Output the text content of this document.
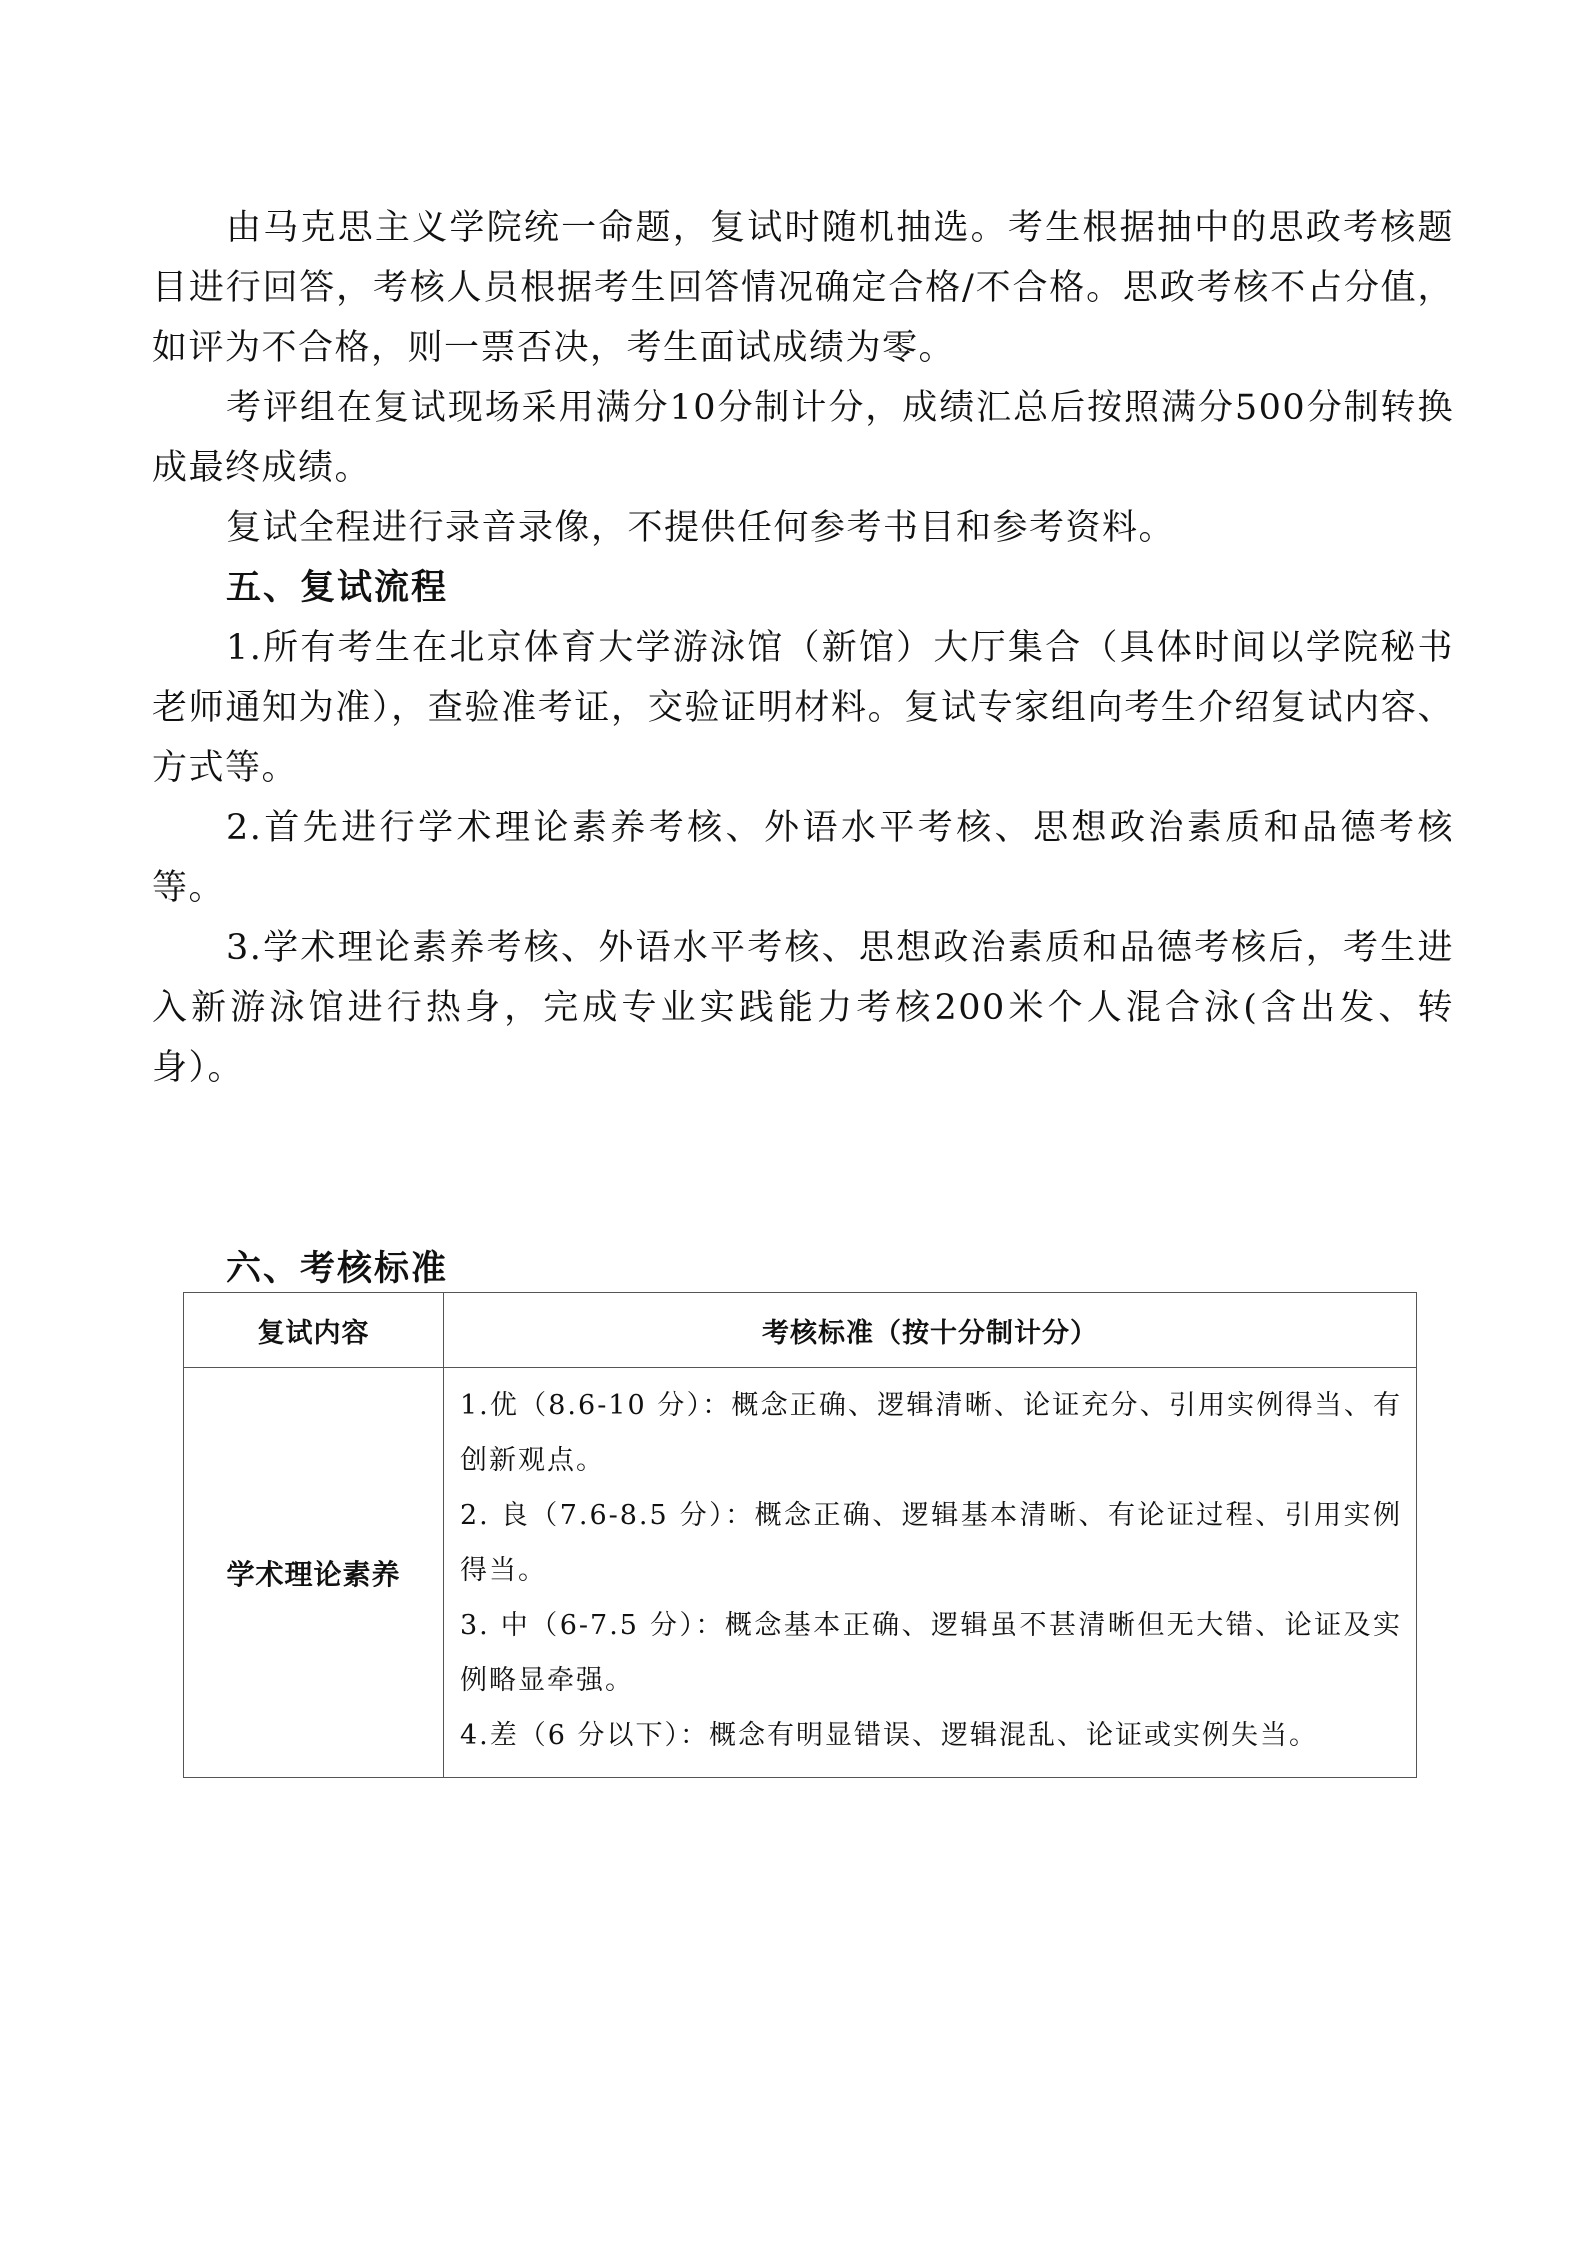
由马克思主义学院统一命题，复试时随机抽选。考生根据抽中的思政考核题目进行回答，考核人员根据考生回答情况确定合格/不合格。思政考核不占分值，如评为不合格，则一票否决，考生面试成绩为零。

考评组在复试现场采用满分10分制计分，成绩汇总后按照满分500分制转换成最终成绩。

复试全程进行录音录像，不提供任何参考书目和参考资料。

五、复试流程

1.所有考生在北京体育大学游泳馆（新馆）大厅集合（具体时间以学院秘书老师通知为准），查验准考证，交验证明材料。复试专家组向考生介绍复试内容、方式等。

2.首先进行学术理论素养考核、外语水平考核、思想政治素质和品德考核等。

3.学术理论素养考核、外语水平考核、思想政治素质和品德考核后，考生进入新游泳馆进行热身，完成专业实践能力考核200米个人混合泳(含出发、转身）。

六、考核标准
复试内容	考核标准（按十分制计分）
学术理论素养	1.优（8.6-10 分）：概念正确、逻辑清晰、论证充分、引用实例得当、有创新观点。

2. 良（7.6-8.5 分）：概念正确、逻辑基本清晰、有论证过程、引用实例得当。

3. 中（6-7.5 分）：概念基本正确、逻辑虽不甚清晰但无大错、论证及实例略显牵强。

4.差（6 分以下）：概念有明显错误、逻辑混乱、论证或实例失当。
